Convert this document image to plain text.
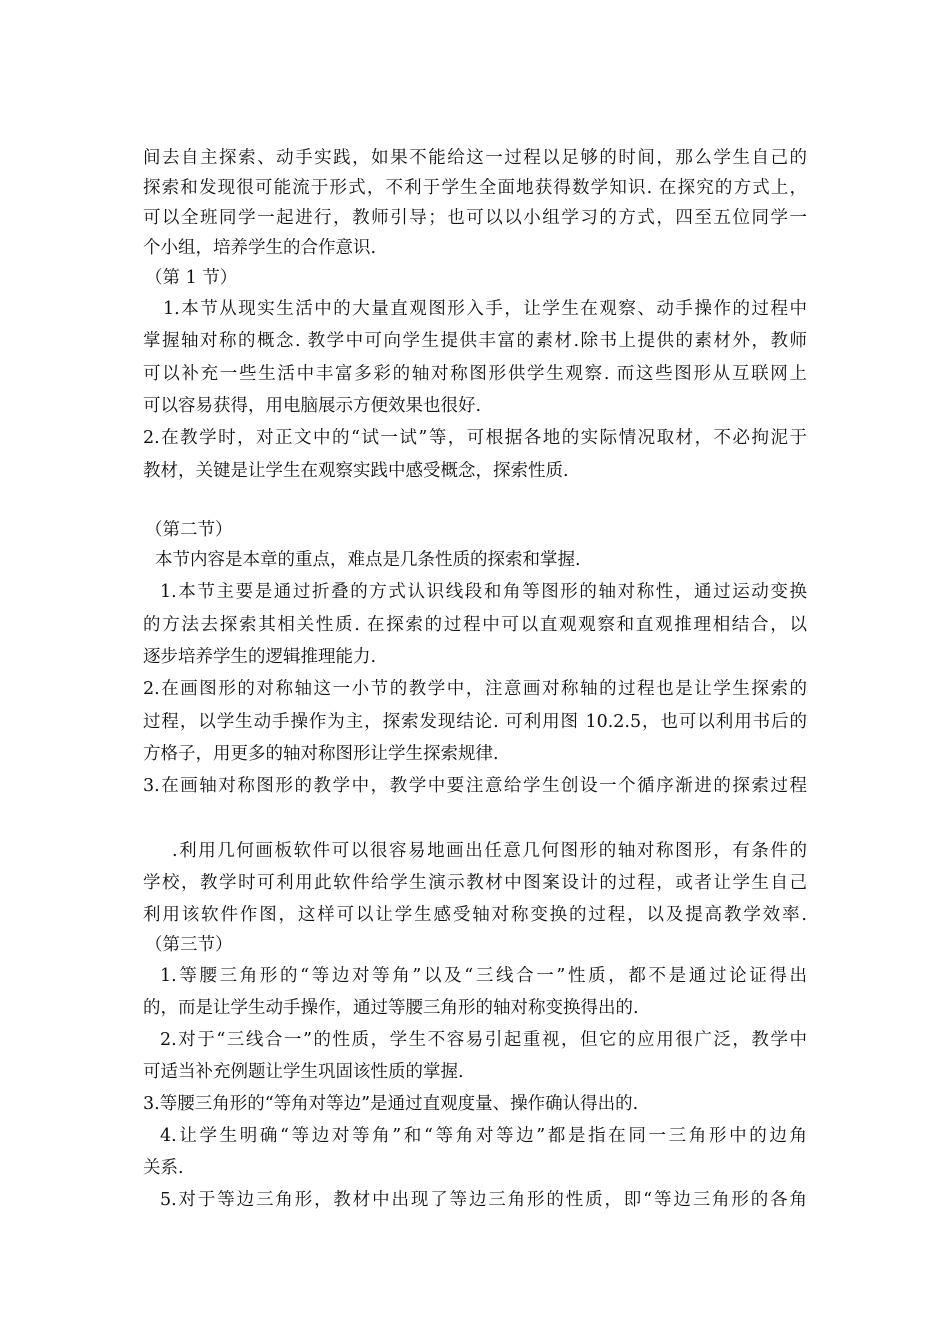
间去自主探索、动手实践，如果不能给这一过程以足够的时间，那么学生自己的

探索和发现很可能流于形式，不利于学生全面地获得数学知识. 在探究的方式上，

可以全班同学一起进行，教师引导；也可以以小组学习的方式，四至五位同学一

个小组，培养学生的合作意识.

（第 1 节）

1.本节从现实生活中的大量直观图形入手，让学生在观察、动手操作的过程中

掌握轴对称的概念. 教学中可向学生提供丰富的素材.除书上提供的素材外，教师

可以补充一些生活中丰富多彩的轴对称图形供学生观察. 而这些图形从互联网上

可以容易获得，用电脑展示方便效果也很好.

2.在教学时，对正文中的“试一试”等，可根据各地的实际情况取材，不必拘泥于

教材，关键是让学生在观察实践中感受概念，探索性质.

（第二节）

本节内容是本章的重点，难点是几条性质的探索和掌握.

1.本节主要是通过折叠的方式认识线段和角等图形的轴对称性，通过运动变换

的方法去探索其相关性质. 在探索的过程中可以直观观察和直观推理相结合，以

逐步培养学生的逻辑推理能力.

2.在画图形的对称轴这一小节的教学中，注意画对称轴的过程也是让学生探索的

过程，以学生动手操作为主，探索发现结论. 可利用图 10.2.5，也可以利用书后的

方格子，用更多的轴对称图形让学生探索规律.

3.在画轴对称图形的教学中，教学中要注意给学生创设一个循序渐进的探索过程

.利用几何画板软件可以很容易地画出任意几何图形的轴对称图形，有条件的

学校，教学时可利用此软件给学生演示教材中图案设计的过程，或者让学生自己

利用该软件作图，这样可以让学生感受轴对称变换的过程，以及提高教学效率.

（第三节）

1.等腰三角形的“等边对等角”以及“三线合一”性质，都不是通过论证得出

的，而是让学生动手操作，通过等腰三角形的轴对称变换得出的.

2.对于“三线合一”的性质，学生不容易引起重视，但它的应用很广泛，教学中

可适当补充例题让学生巩固该性质的掌握.

3.等腰三角形的“等角对等边”是通过直观度量、操作确认得出的.

4.让学生明确“等边对等角”和“等角对等边”都是指在同一三角形中的边角

关系.

5.对于等边三角形，教材中出现了等边三角形的性质，即“等边三角形的各角
